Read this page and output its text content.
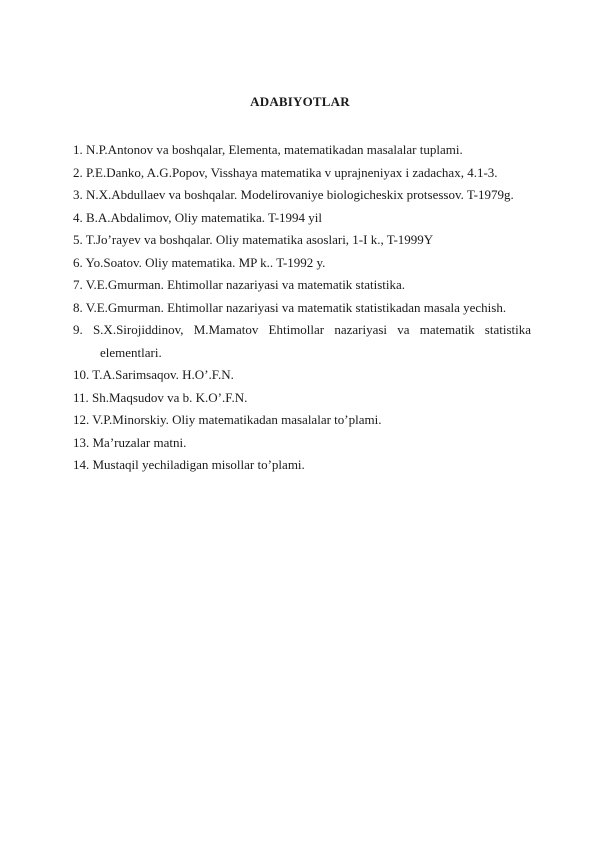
ADABIYOTLAR
1. N.P.Antonov va boshqalar, Elementa, matematikadan masalalar tuplami.
2. P.E.Danko, A.G.Popov, Visshaya matematika v uprajneniyax i zadachax, 4.1-3.
3. N.X.Abdullaev va boshqalar. Modelirovaniye biologicheskix protsessov. T-1979g.
4. B.A.Abdalimov, Oliy matematika. T-1994 yil
5. T.Jo’rayev va boshqalar. Oliy matematika asoslari, 1-I k., T-1999Y
6. Yo.Soatov. Oliy matematika. MP k.. T-1992 y.
7. V.E.Gmurman. Ehtimollar nazariyasi va matematik statistika.
8. V.E.Gmurman. Ehtimollar nazariyasi va matematik statistikadan masala yechish.
9. S.X.Sirojiddinov, M.Mamatov Ehtimollar nazariyasi va matematik statistika elementlari.
10. T.A.Sarimsaqov. H.O’.F.N.
11. Sh.Maqsudov va b. K.O’.F.N.
12. V.P.Minorskiy. Oliy matematikadan masalalar to’plami.
13. Ma’ruzalar matni.
14. Mustaqil yechiladigan misollar to’plami.
